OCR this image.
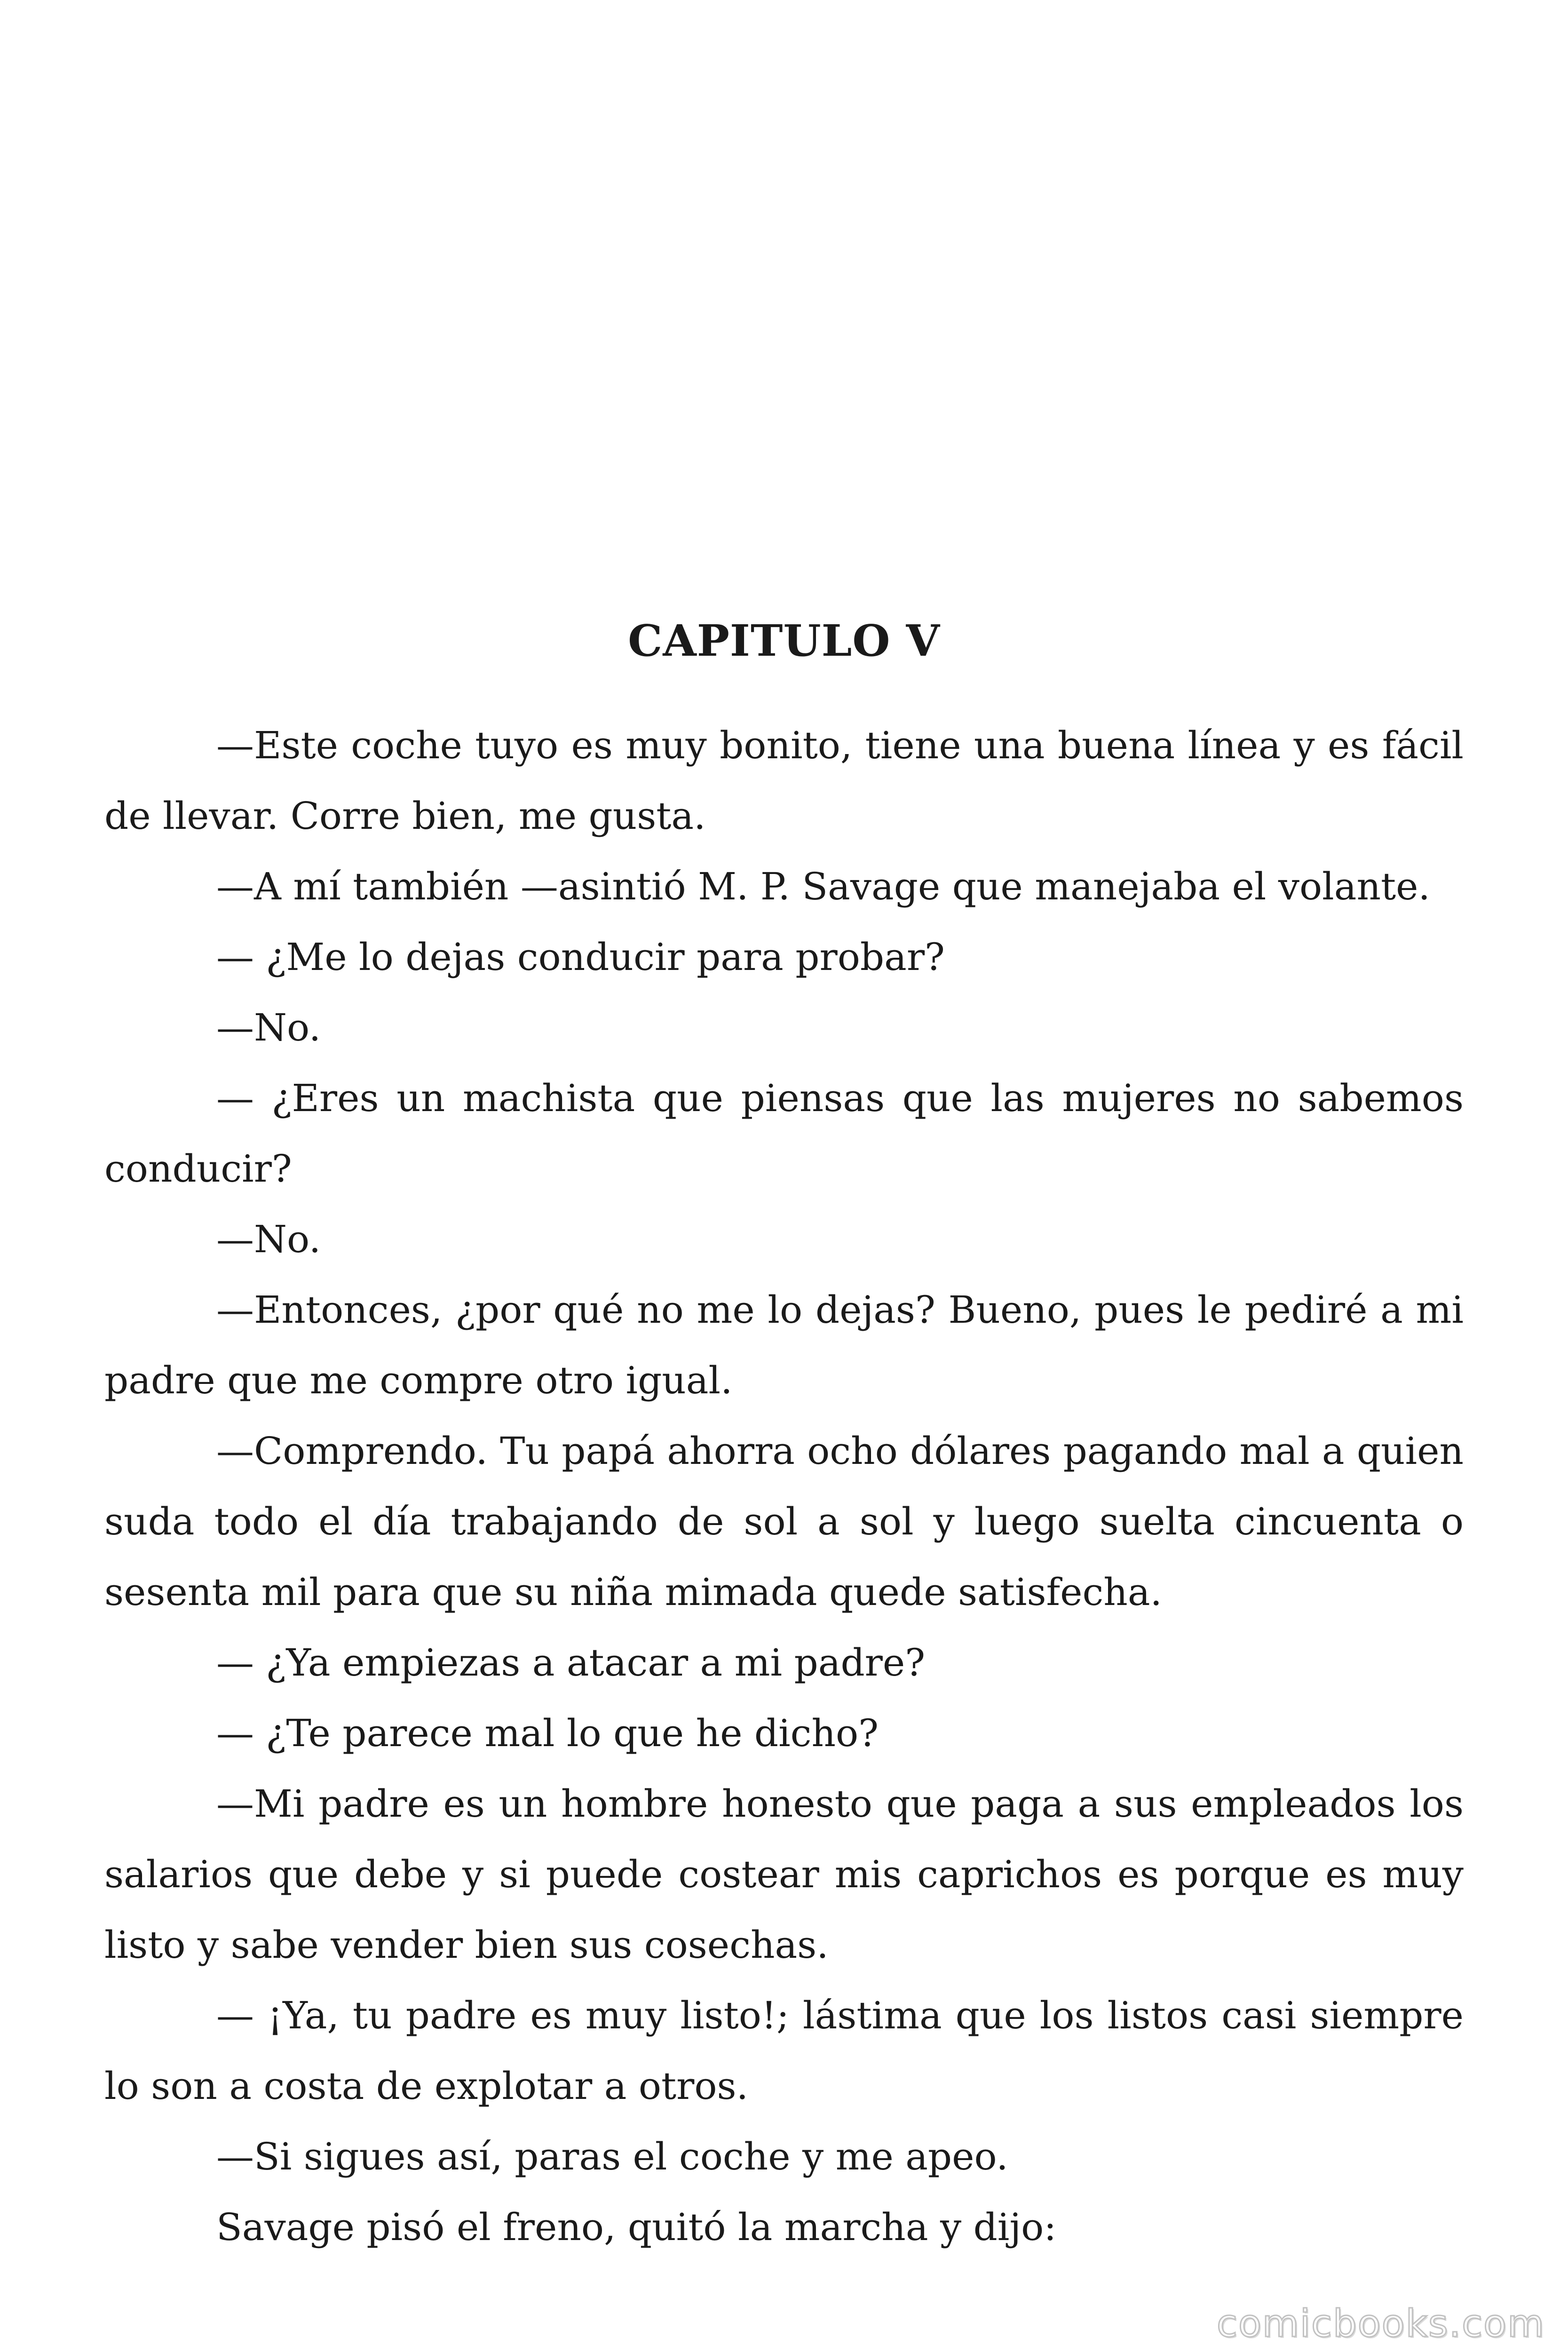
CAPITULO V

—Este coche tuyo es muy bonito, tiene una buena línea y es fácil de llevar. Corre bien, me gusta.

—A mí también —asintió M. P. Savage que manejaba el volante.

— ¿Me lo dejas conducir para probar?

—No.

— ¿Eres un machista que piensas que las mujeres no sabemos conducir?

—No.

—Entonces, ¿por qué no me lo dejas? Bueno, pues le pediré a mi padre que me compre otro igual.

—Comprendo. Tu papá ahorra ocho dólares pagando mal a quien suda todo el día trabajando de sol a sol y luego suelta cincuenta o sesenta mil para que su niña mimada quede satisfecha.

— ¿Ya empiezas a atacar a mi padre?

— ¿Te parece mal lo que he dicho?

—Mi padre es un hombre honesto que paga a sus empleados los salarios que debe y si puede costear mis caprichos es porque es muy listo y sabe vender bien sus cosechas.

— ¡Ya, tu padre es muy listo!; lástima que los listos casi siempre lo son a costa de explotar a otros.

—Si sigues así, paras el coche y me apeo.

Savage pisó el freno, quitó la marcha y dijo:

comicbooks.com
